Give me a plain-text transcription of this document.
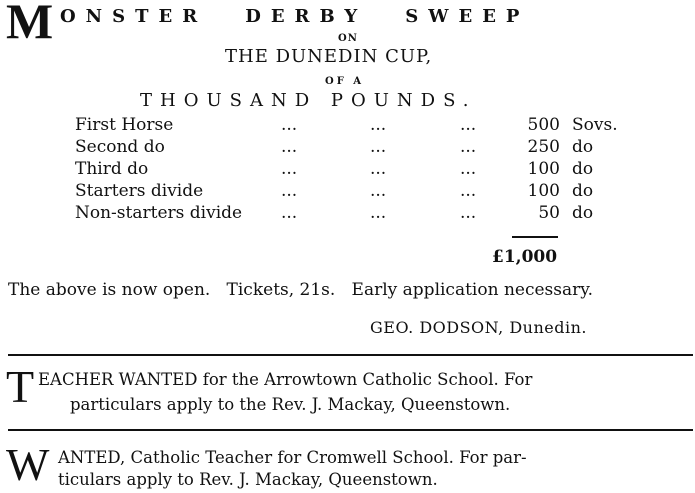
M ONSTER DERBY SWEEP
ON
THE DUNEDIN CUP,
OF A
THOUSAND POUNDS.
First Horse	...	...	...	500 Sovs.
Second do	...	...	...	250 do
Third do	...	...	...	100 do
Starters divide	...	...	...	100 do
Non-starters divide ...	...	...	50 do
£1,000
The above is now open. Tickets, 21s. Early application necessary.
GEO. DODSON, Dunedin.
T EACHER WANTED for the Arrowtown Catholic School. For
particulars apply to the Rev. J. Mackay, Queenstown.
W ANTED, Catholic Teacher for Cromwell School. For par-
ticulars apply to Rev. J. Mackay, Queenstown.
